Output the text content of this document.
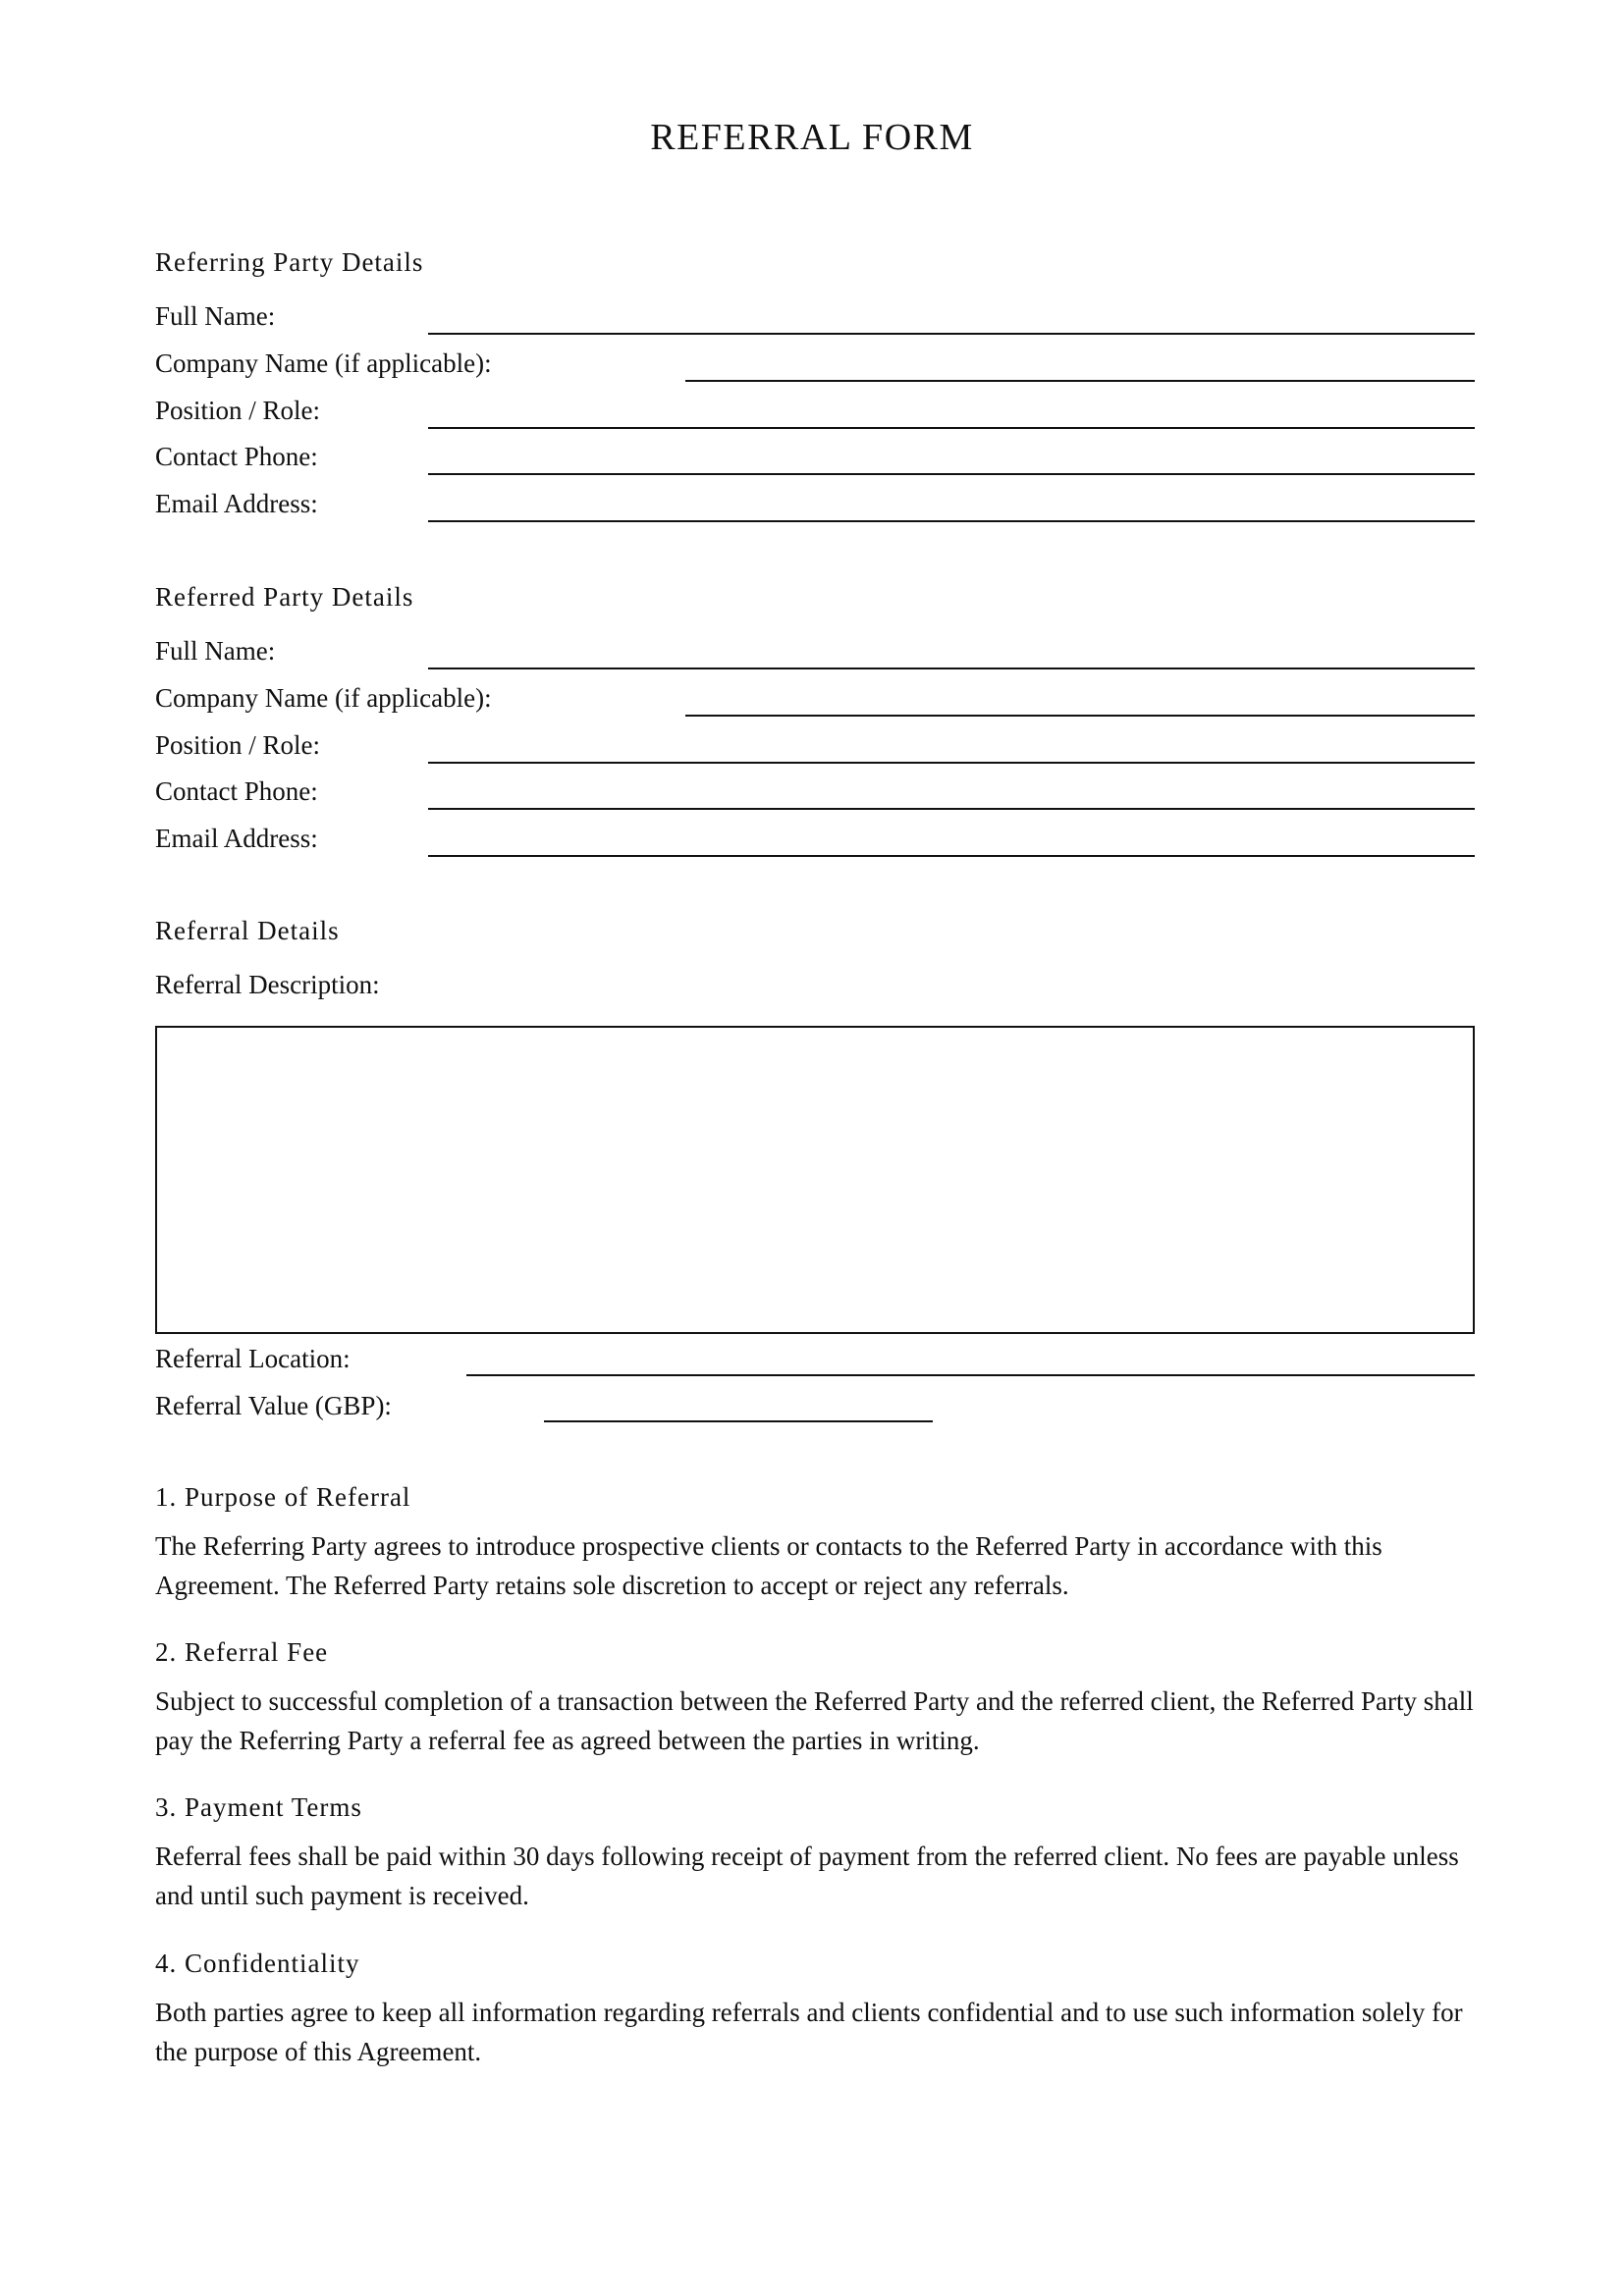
REFERRAL FORM
Referring Party Details
Full Name:
Company Name (if applicable):
Position / Role:
Contact Phone:
Email Address:
Referred Party Details
Full Name:
Company Name (if applicable):
Position / Role:
Contact Phone:
Email Address:
Referral Details
Referral Description:
Referral Location:
Referral Value (GBP):
1. Purpose of Referral
The Referring Party agrees to introduce prospective clients or contacts to the Referred Party in accordance with this Agreement. The Referred Party retains sole discretion to accept or reject any referrals.
2. Referral Fee
Subject to successful completion of a transaction between the Referred Party and the referred client, the Referred Party shall pay the Referring Party a referral fee as agreed between the parties in writing.
3. Payment Terms
Referral fees shall be paid within 30 days following receipt of payment from the referred client. No fees are payable unless and until such payment is received.
4. Confidentiality
Both parties agree to keep all information regarding referrals and clients confidential and to use such information solely for the purpose of this Agreement.
